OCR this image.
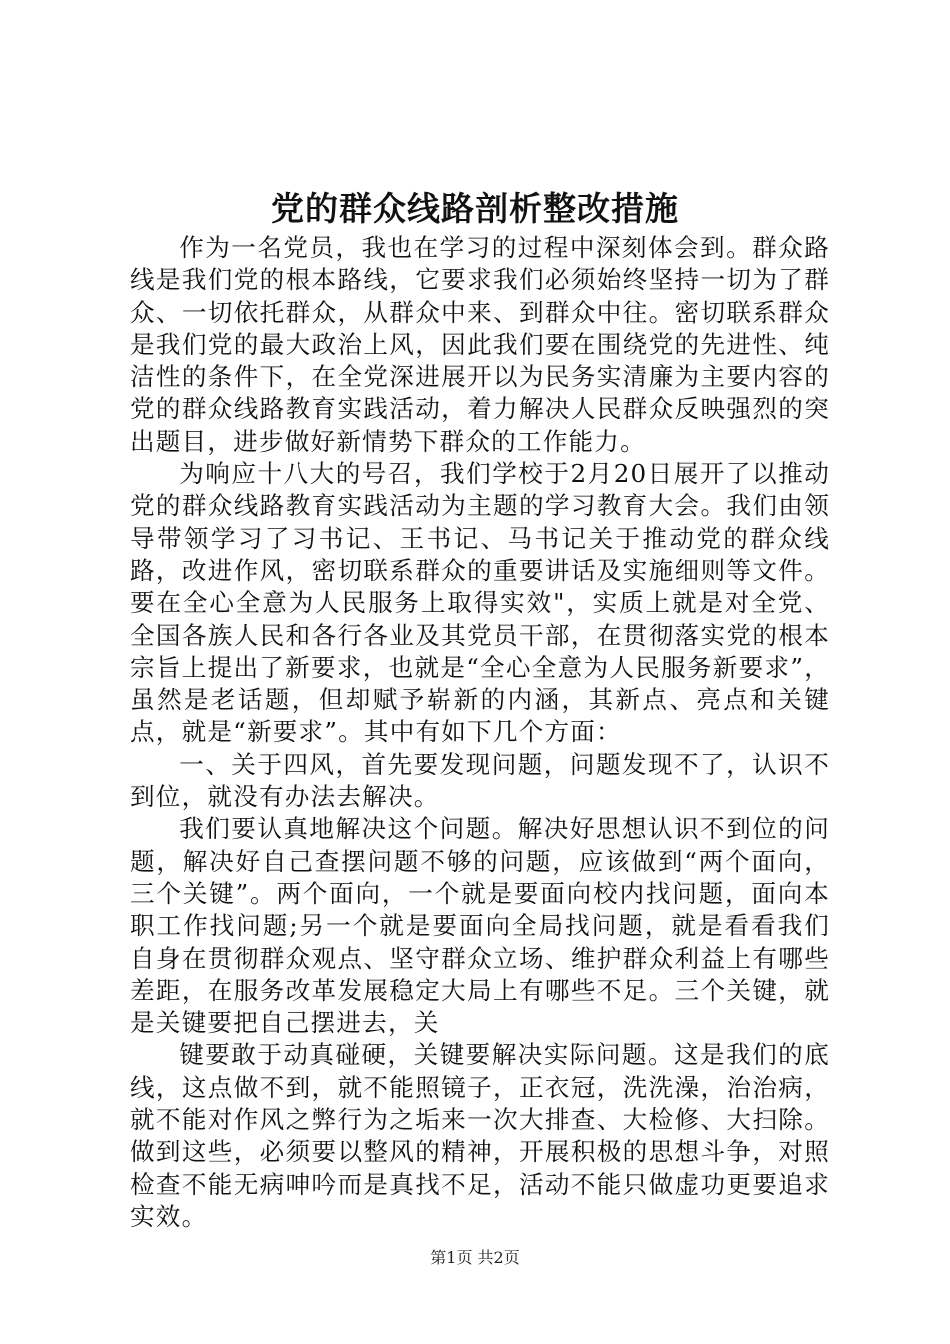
党的群众线路剖析整改措施

作为一名党员，我也在学习的过程中深刻体会到。群众路线是我们党的根本路线，它要求我们必须始终坚持一切为了群众、一切依托群众，从群众中来、到群众中往。密切联系群众是我们党的最大政治上风，因此我们要在围绕党的先进性、纯洁性的条件下，在全党深进展开以为民务实清廉为主要内容的党的群众线路教育实践活动，着力解决人民群众反映强烈的突出题目，进步做好新情势下群众的工作能力。

为响应十八大的号召，我们学校于2月20日展开了以推动党的群众线路教育实践活动为主题的学习教育大会。我们由领导带领学习了习书记、王书记、马书记关于推动党的群众线路，改进作风，密切联系群众的重要讲话及实施细则等文件。要在全心全意为人民服务上取得实效"，实质上就是对全党、全国各族人民和各行各业及其党员干部，在贯彻落实党的根本宗旨上提出了新要求，也就是“全心全意为人民服务新要求”，虽然是老话题，但却赋予崭新的内涵，其新点、亮点和关键点，就是“新要求”。其中有如下几个方面：

一、关于四风，首先要发现问题，问题发现不了，认识不到位，就没有办法去解决。

我们要认真地解决这个问题。解决好思想认识不到位的问题，解决好自己查摆问题不够的问题，应该做到“两个面向，三个关键”。两个面向，一个就是要面向校内找问题，面向本职工作找问题;另一个就是要面向全局找问题，就是看看我们自身在贯彻群众观点、坚守群众立场、维护群众利益上有哪些差距，在服务改革发展稳定大局上有哪些不足。三个关键，就是关键要把自己摆进去，关

键要敢于动真碰硬，关键要解决实际问题。这是我们的底线，这点做不到，就不能照镜子，正衣冠，洗洗澡，治治病，就不能对作风之弊行为之垢来一次大排查、大检修、大扫除。做到这些，必须要以整风的精神，开展积极的思想斗争，对照检查不能无病呻吟而是真找不足，活动不能只做虚功更要追求实效。

第1页 共2页
